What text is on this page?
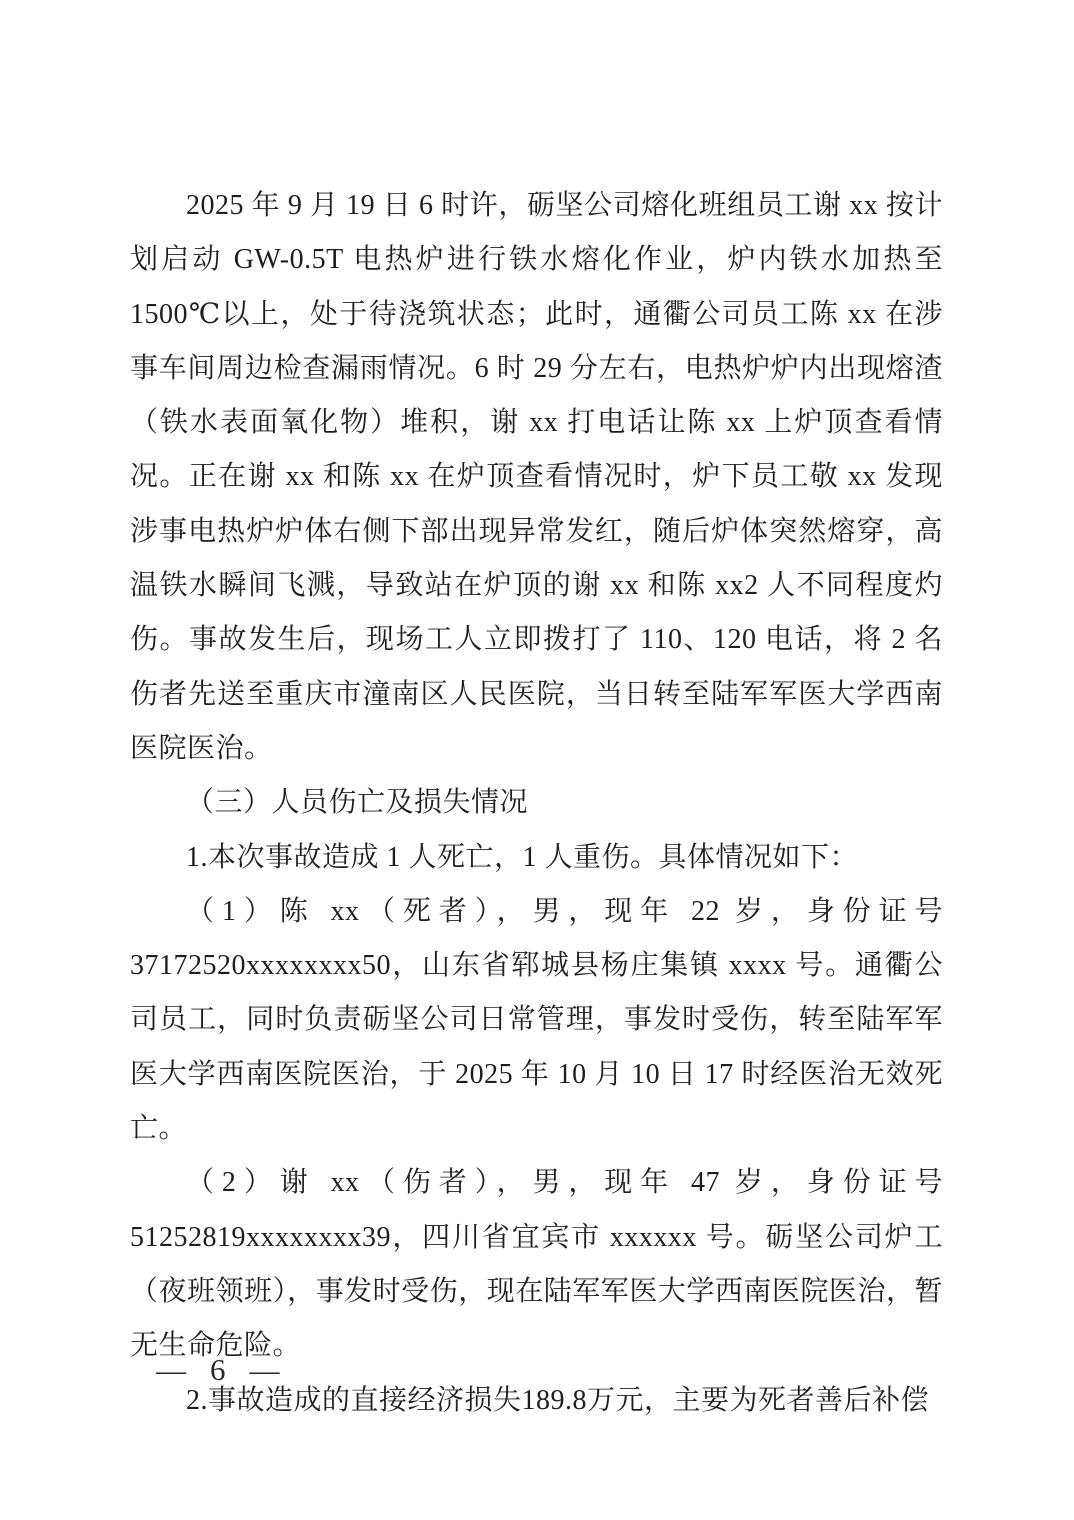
2025 年 9 月 19 日 6 时许，砺坚公司熔化班组员工谢 xx 按计划启动 GW-0.5T 电热炉进行铁水熔化作业，炉内铁水加热至 1500℃以上，处于待浇筑状态；此时，通衢公司员工陈 xx 在涉事车间周边检查漏雨情况。6 时 29 分左右，电热炉炉内出现熔渣（铁水表面氧化物）堆积，谢 xx 打电话让陈 xx 上炉顶查看情况。正在谢 xx 和陈 xx 在炉顶查看情况时，炉下员工敬 xx 发现涉事电热炉炉体右侧下部出现异常发红，随后炉体突然熔穿，高温铁水瞬间飞溅，导致站在炉顶的谢 xx 和陈 xx2 人不同程度灼伤。事故发生后，现场工人立即拨打了 110、120 电话，将 2 名伤者先送至重庆市潼南区人民医院，当日转至陆军军医大学西南医院医治。

（三）人员伤亡及损失情况

1.本次事故造成 1 人死亡，1 人重伤。具体情况如下：

（1）陈 xx（死者），男，现年 22 岁，身份证号 37172520xxxxxxxx50，山东省郓城县杨庄集镇 xxxx 号。通衢公司员工，同时负责砺坚公司日常管理，事发时受伤，转至陆军军医大学西南医院医治，于 2025 年 10 月 10 日 17 时经医治无效死亡。

（2）谢 xx（伤者），男，现年 47 岁，身份证号 51252819xxxxxxxx39，四川省宜宾市 xxxxxx 号。砺坚公司炉工（夜班领班），事发时受伤，现在陆军军医大学西南医院医治，暂无生命危险。

2.事故造成的直接经济损失189.8万元，主要为死者善后补偿

— 6 —
